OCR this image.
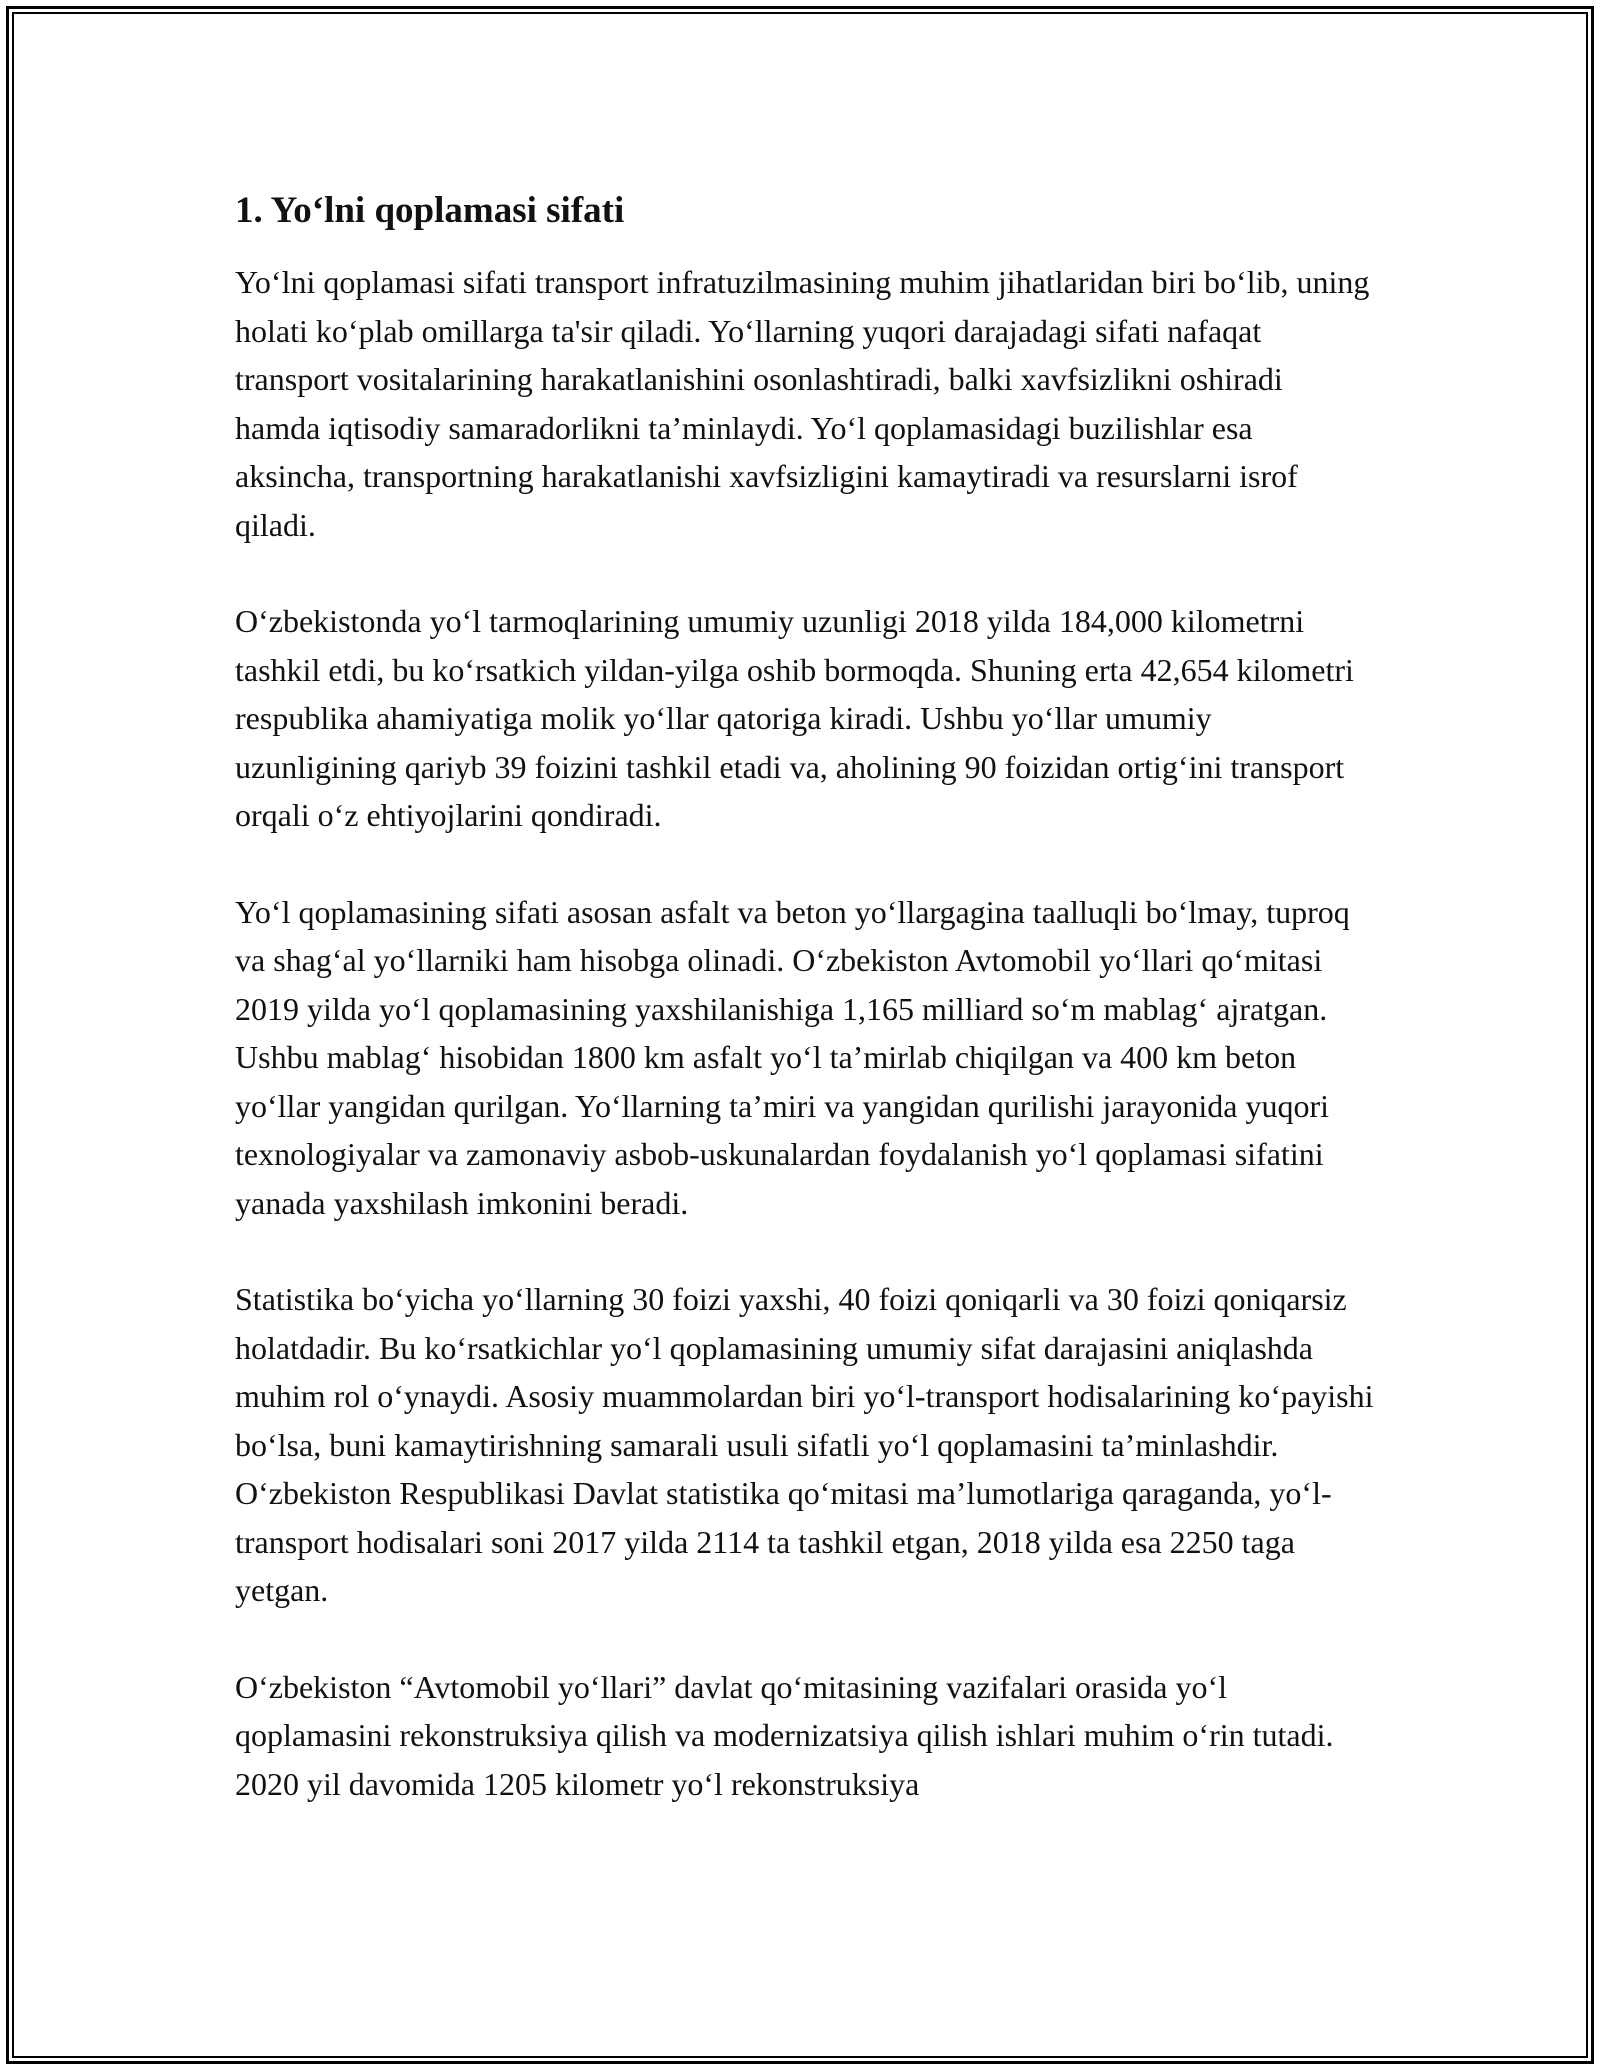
1. Yo‘lni qoplamasi sifati

Yo‘lni qoplamasi sifati transport infratuzilmasining muhim jihatlaridan biri bo‘lib, uning holati ko‘plab omillarga ta'sir qiladi. Yo‘llarning yuqori darajadagi sifati nafaqat transport vositalarining harakatlanishini osonlashtiradi, balki xavfsizlikni oshiradi hamda iqtisodiy samaradorlikni ta’minlaydi. Yo‘l qoplamasidagi buzilishlar esa aksincha, transportning harakatlanishi xavfsizligini kamaytiradi va resurslarni isrof qiladi.

O‘zbekistonda yo‘l tarmoqlarining umumiy uzunligi 2018 yilda 184,000 kilometrni tashkil etdi, bu ko‘rsatkich yildan-yilga oshib bormoqda. Shuning erta 42,654 kilometri respublika ahamiyatiga molik yo‘llar qatoriga kiradi. Ushbu yo‘llar umumiy uzunligining qariyb 39 foizini tashkil etadi va, aholining 90 foizidan ortig‘ini transport orqali o‘z ehtiyojlarini qondiradi.

Yo‘l qoplamasining sifati asosan asfalt va beton yo‘llargagina taalluqli bo‘lmay, tuproq va shag‘al yo‘llarniki ham hisobga olinadi. O‘zbekiston Avtomobil yo‘llari qo‘mitasi 2019 yilda yo‘l qoplamasining yaxshilanishiga 1,165 milliard so‘m mablag‘ ajratgan. Ushbu mablag‘ hisobidan 1800 km asfalt yo‘l ta’mirlab chiqilgan va 400 km beton yo‘llar yangidan qurilgan. Yo‘llarning ta’miri va yangidan qurilishi jarayonida yuqori texnologiyalar va zamonaviy asbob-uskunalardan foydalanish yo‘l qoplamasi sifatini yanada yaxshilash imkonini beradi.

Statistika bo‘yicha yo‘llarning 30 foizi yaxshi, 40 foizi qoniqarli va 30 foizi qoniqarsiz holatdadir. Bu ko‘rsatkichlar yo‘l qoplamasining umumiy sifat darajasini aniqlashda muhim rol o‘ynaydi. Asosiy muammolardan biri yo‘l-transport hodisalarining ko‘payishi bo‘lsa, buni kamaytirishning samarali usuli sifatli yo‘l qoplamasini ta’minlashdir. O‘zbekiston Respublikasi Davlat statistika qo‘mitasi ma’lumotlariga qaraganda, yo‘l-transport hodisalari soni 2017 yilda 2114 ta tashkil etgan, 2018 yilda esa 2250 taga yetgan.

O‘zbekiston “Avtomobil yo‘llari” davlat qo‘mitasining vazifalari orasida yo‘l qoplamasini rekonstruksiya qilish va modernizatsiya qilish ishlari muhim o‘rin tutadi. 2020 yil davomida 1205 kilometr yo‘l rekonstruksiya
